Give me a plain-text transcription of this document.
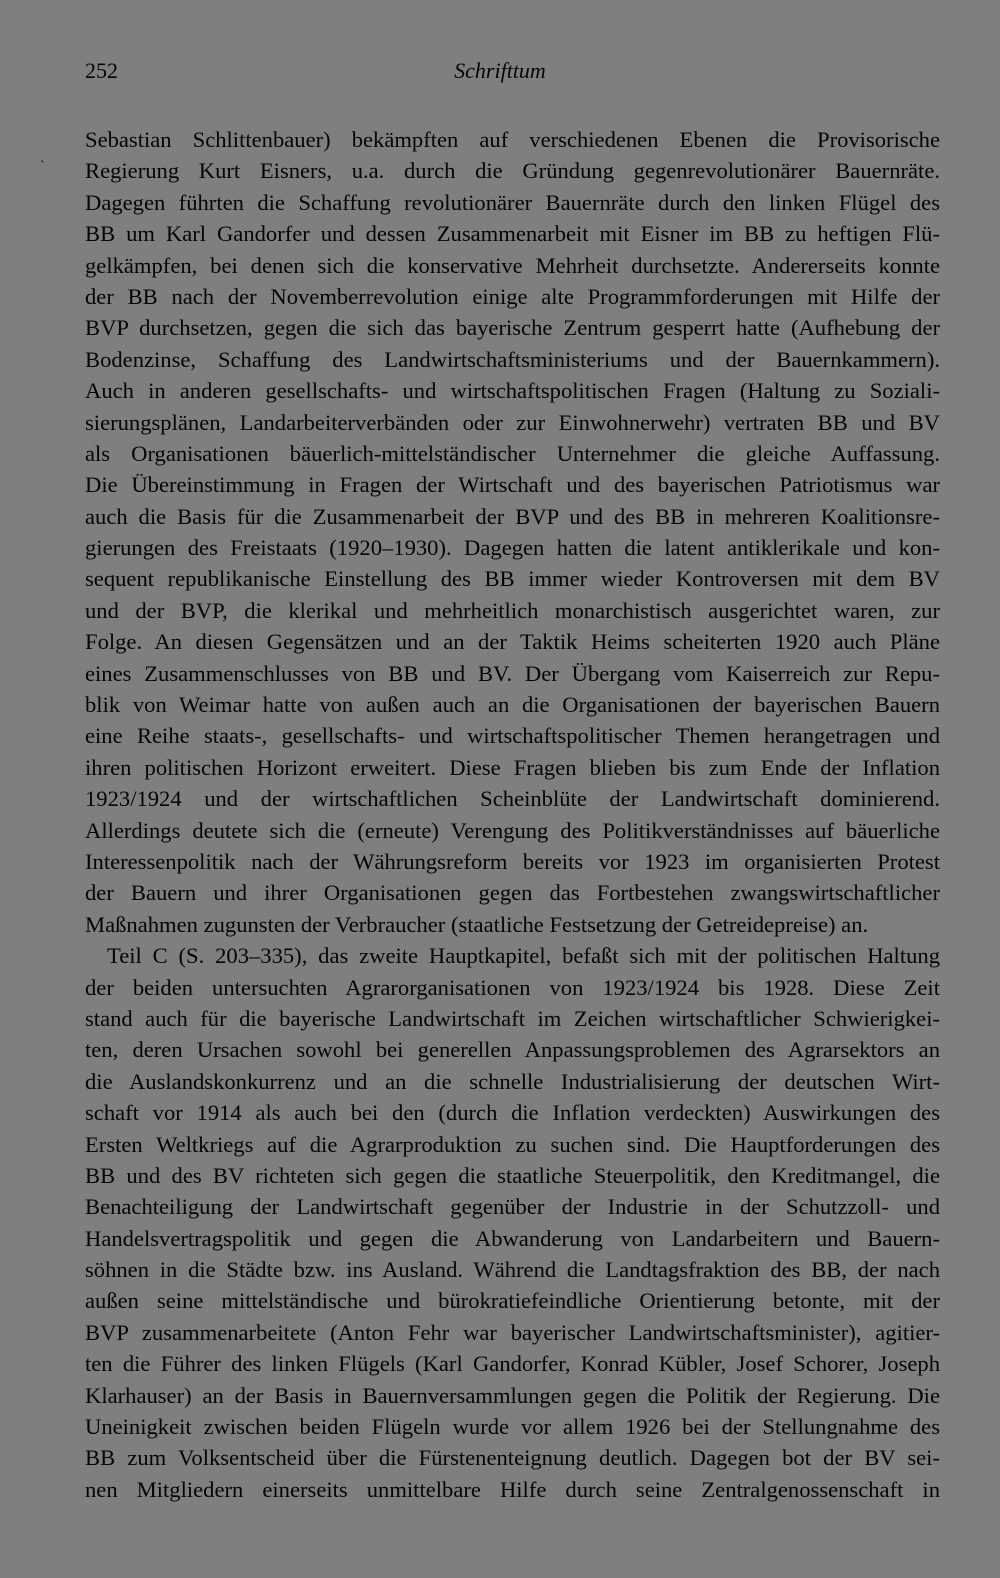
252	Schrifttum
`
Sebastian Schlittenbauer) bekämpften auf verschiedenen Ebenen die Provisorische
Regierung Kurt Eisners, u.a. durch die Gründung gegenrevolutionärer Bauernräte.
Dagegen führten die Schaffung revolutionärer Bauernräte durch den linken Flügel des
BB um Karl Gandorfer und dessen Zusammenarbeit mit Eisner im BB zu heftigen Flü-
gelkämpfen, bei denen sich die konservative Mehrheit durchsetzte. Andererseits konnte
der BB nach der Novemberrevolution einige alte Programmforderungen mit Hilfe der
BVP durchsetzen, gegen die sich das bayerische Zentrum gesperrt hatte (Aufhebung der
Bodenzinse, Schaffung des Landwirtschaftsministeriums und der Bauernkammern).
Auch in anderen gesellschafts- und wirtschaftspolitischen Fragen (Haltung zu Soziali-
sierungsplänen, Landarbeiterverbänden oder zur Einwohnerwehr) vertraten BB und BV
als Organisationen bäuerlich-mittelständischer Unternehmer die gleiche Auffassung.
Die Übereinstimmung in Fragen der Wirtschaft und des bayerischen Patriotismus war
auch die Basis für die Zusammenarbeit der BVP und des BB in mehreren Koalitionsre-
gierungen des Freistaats (1920–1930). Dagegen hatten die latent antiklerikale und kon-
sequent republikanische Einstellung des BB immer wieder Kontroversen mit dem BV
und der BVP, die klerikal und mehrheitlich monarchistisch ausgerichtet waren, zur
Folge. An diesen Gegensätzen und an der Taktik Heims scheiterten 1920 auch Pläne
eines Zusammenschlusses von BB und BV. Der Übergang vom Kaiserreich zur Repu-
blik von Weimar hatte von außen auch an die Organisationen der bayerischen Bauern
eine Reihe staats-, gesellschafts- und wirtschaftspolitischer Themen herangetragen und
ihren politischen Horizont erweitert. Diese Fragen blieben bis zum Ende der Inflation
1923/1924 und der wirtschaftlichen Scheinblüte der Landwirtschaft dominierend.
Allerdings deutete sich die (erneute) Verengung des Politikverständnisses auf bäuerliche
Interessenpolitik nach der Währungsreform bereits vor 1923 im organisierten Protest
der Bauern und ihrer Organisationen gegen das Fortbestehen zwangswirtschaftlicher
Maßnahmen zugunsten der Verbraucher (staatliche Festsetzung der Getreidepreise) an.
Teil C (S. 203–335), das zweite Hauptkapitel, befaßt sich mit der politischen Haltung
der beiden untersuchten Agrarorganisationen von 1923/1924 bis 1928. Diese Zeit
stand auch für die bayerische Landwirtschaft im Zeichen wirtschaftlicher Schwierigkei-
ten, deren Ursachen sowohl bei generellen Anpassungsproblemen des Agrarsektors an
die Auslandskonkurrenz und an die schnelle Industrialisierung der deutschen Wirt-
schaft vor 1914 als auch bei den (durch die Inflation verdeckten) Auswirkungen des
Ersten Weltkriegs auf die Agrarproduktion zu suchen sind. Die Hauptforderungen des
BB und des BV richteten sich gegen die staatliche Steuerpolitik, den Kreditmangel, die
Benachteiligung der Landwirtschaft gegenüber der Industrie in der Schutzzoll- und
Handelsvertragspolitik und gegen die Abwanderung von Landarbeitern und Bauern-
söhnen in die Städte bzw. ins Ausland. Während die Landtagsfraktion des BB, der nach
außen seine mittelständische und bürokratiefeindliche Orientierung betonte, mit der
BVP zusammenarbeitete (Anton Fehr war bayerischer Landwirtschaftsminister), agitier-
ten die Führer des linken Flügels (Karl Gandorfer, Konrad Kübler, Josef Schorer, Joseph
Klarhauser) an der Basis in Bauernversammlungen gegen die Politik der Regierung. Die
Uneinigkeit zwischen beiden Flügeln wurde vor allem 1926 bei der Stellungnahme des
BB zum Volksentscheid über die Fürstenenteignung deutlich. Dagegen bot der BV sei-
nen Mitgliedern einerseits unmittelbare Hilfe durch seine Zentralgenossenschaft in
